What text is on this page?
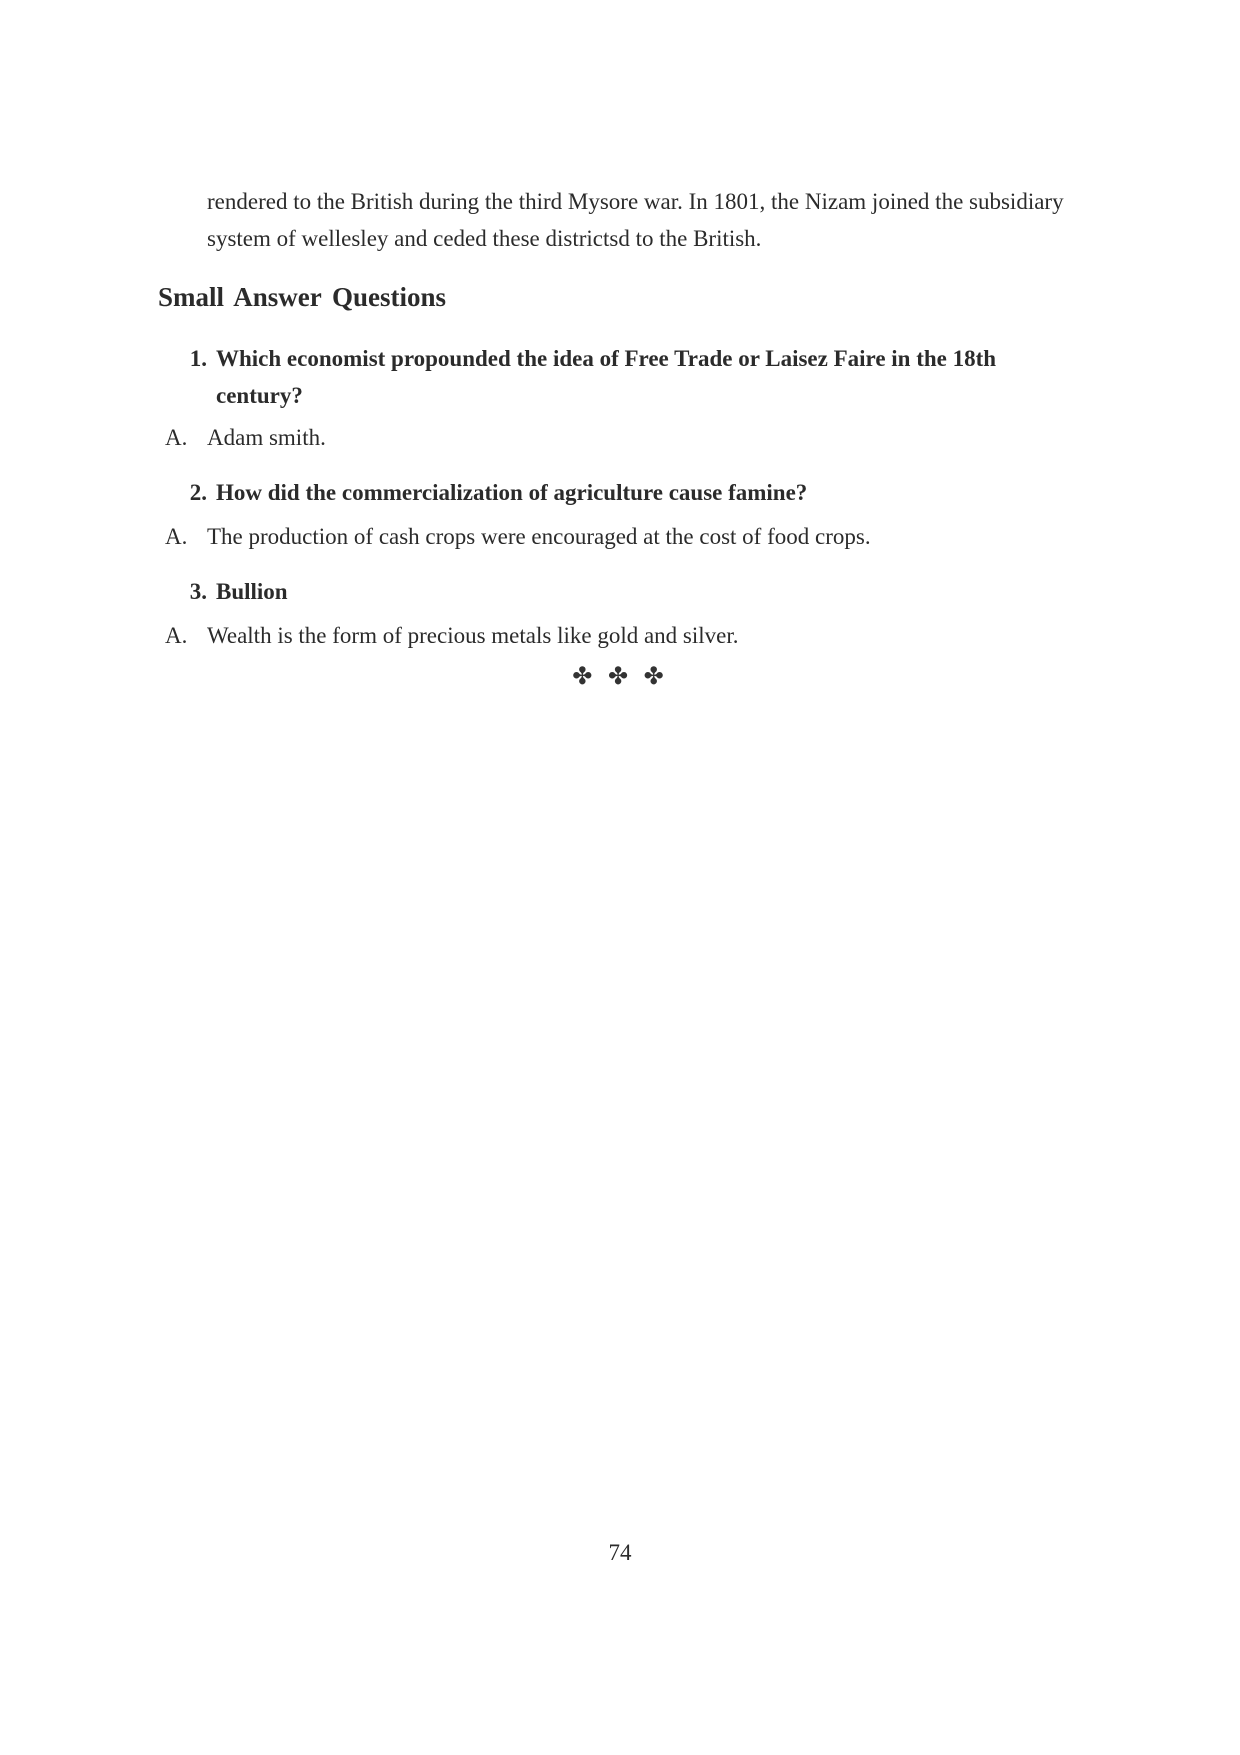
rendered to the British during the third Mysore war. In 1801, the Nizam joined the subsidiary system of wellesley and ceded these districtsd to the British.

Small Answer Questions
1. Which economist propounded the idea of Free Trade or Laisez Faire in the 18th century?
A. Adam smith.
2. How did the commercialization of agriculture cause famine?
A. The production of cash crops were encouraged at the cost of food crops.
3. Bullion
A. Wealth is the form of precious metals like gold and silver.
✤ ✤ ✤
74
